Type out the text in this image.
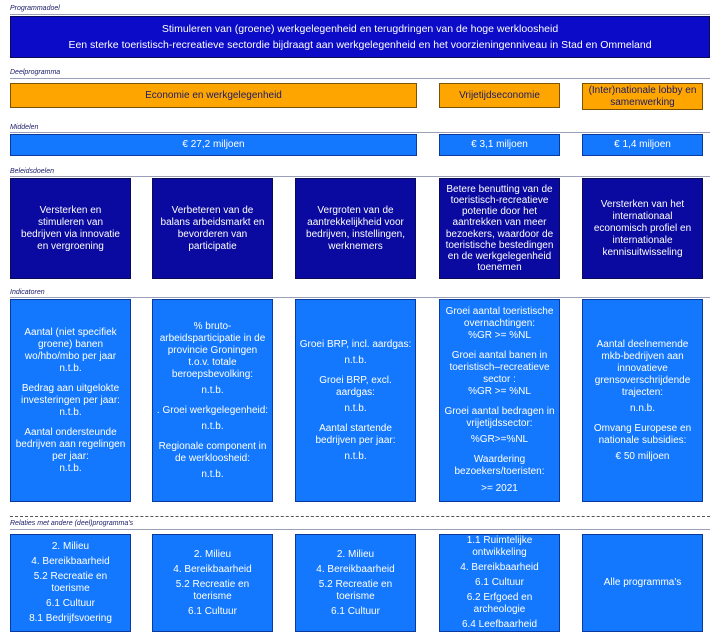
Programmadoel
Stimuleren van (groene) werkgelegenheid en terugdringen van de hoge werkloosheid
Een sterke toeristisch-recreatieve sectordie bijdraagt aan werkgelegenheid en het voorzieningenniveau in Stad en Ommeland
Deelprogramma
Economie en werkgelegenheid	Vrijetijdseconomie	(Inter)nationale lobby en samenwerking
Middelen
€ 27,2 miljoen	€ 3,1 miljoen	€ 1,4 miljoen
Beleidsdoelen
Versterken en stimuleren van bedrijven via innovatie en vergroening
Verbeteren van de balans arbeidsmarkt en bevorderen van participatie
Vergroten van de aantrekkelijkheid voor bedrijven, instellingen, werknemers
Betere benutting van de toeristisch-recreatieve potentie door het aantrekken van meer bezoekers, waardoor de toeristische bestedingen en de werkgelegenheid toenemen
Versterken van het internationaal economisch profiel en internationale kennisuitwisseling
Indicatoren
Aantal (niet specifiek groene) banen wo/hbo/mbo per jaar
n.t.b.
Bedrag aan uitgelokte investeringen per jaar:
n.t.b.
Aantal ondersteunde bedrijven aan regelingen per jaar:
n.t.b.
% bruto-arbeidsparticipatie in de provincie Groningen t.o.v. totale beroepsbevolking:
n.t.b.
. Groei werkgelegenheid:
n.t.b.
Regionale component in de werkloosheid:
n.t.b.
Groei BRP, incl. aardgas:
n.t.b.
Groei BRP, excl. aardgas:
n.t.b.
Aantal startende bedrijven per jaar:
n.t.b.
Groei aantal toeristische overnachtingen:
%GR >= %NL
Groei aantal banen in toeristisch–recreatieve sector :
%GR >= %NL
Groei aantal bedragen in vrijetijdssector:
%GR>=%NL
Waardering bezoekers/toeristen:
>= 2021
Aantal deelnemende mkb-bedrijven aan innovatieve grensoverschrijdende trajecten:
n.n.b.
Omvang Europese en nationale subsidies:
€ 50 miljoen
Relaties met andere (deel)programma's
2. Milieu
4. Bereikbaarheid
5.2 Recreatie en toerisme
6.1 Cultuur
8.1 Bedrijfsvoering
2. Milieu
4. Bereikbaarheid
5.2 Recreatie en toerisme
6.1 Cultuur
2. Milieu
4. Bereikbaarheid
5.2 Recreatie en toerisme
6.1 Cultuur
1.1 Ruimtelijke ontwikkeling
4. Bereikbaarheid
6.1 Cultuur
6.2 Erfgoed en archeologie
6.4 Leefbaarheid
Alle programma's
